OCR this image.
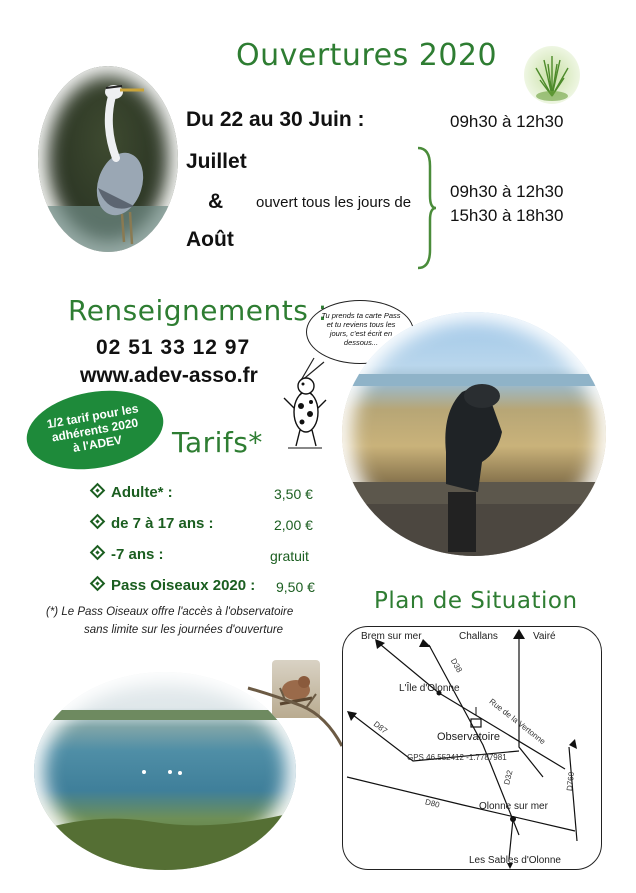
Ouvertures 2020
Du 22 au 30 Juin :	09h30 à 12h30
Juillet
&
Août
ouvert tous les jours de
09h30 à 12h30
15h30 à 18h30
Renseignements :
02 51 33 12 97
www.adev-asso.fr
Tu prends ta carte Pass et tu reviens tous les jours, c'est écrit en dessous...
1/2 tarif pour les adhérents 2020 à l'ADEV	Tarifs*
Adulte* :	3,50 €
de 7 à 17 ans :	2,00 €
-7 ans :	gratuit
Pass Oiseaux 2020 : 9,50 €
(*) Le Pass Oiseaux offre l'accès à l'observatoire
sans limite sur les journées d'ouverture
Plan de Situation
Brem sur mer	Challans	Vairé
L'Île d'Olonne
Observatoire
GPS 46.552412 -1.7787981
Olonne sur mer
Les Sables d'Olonne
Rue de la Vertonne
D38
D87
D32
D80
D760
